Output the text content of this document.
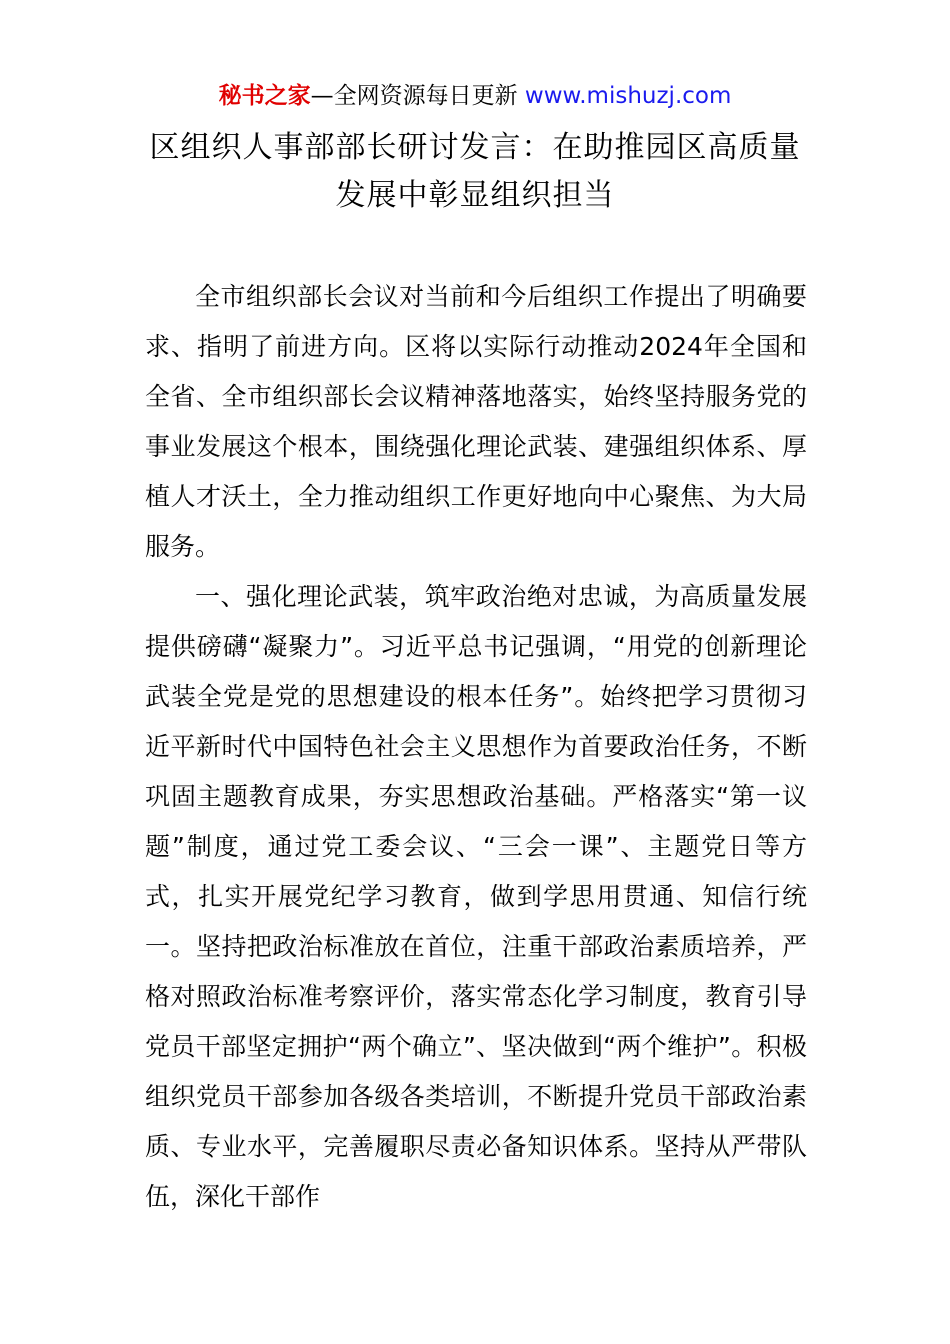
秘书之家—全网资源每日更新 www.mishuzj.com
区组织人事部部长研讨发言：在助推园区高质量发展中彰显组织担当

全市组织部长会议对当前和今后组织工作提出了明确要求、指明了前进方向。区将以实际行动推动2024年全国和全省、全市组织部长会议精神落地落实，始终坚持服务党的事业发展这个根本，围绕强化理论武装、建强组织体系、厚植人才沃土，全力推动组织工作更好地向中心聚焦、为大局服务。

一、强化理论武装，筑牢政治绝对忠诚，为高质量发展提供磅礴“凝聚力”。习近平总书记强调，“用党的创新理论武装全党是党的思想建设的根本任务”。始终把学习贯彻习近平新时代中国特色社会主义思想作为首要政治任务，不断巩固主题教育成果，夯实思想政治基础。严格落实“第一议题”制度，通过党工委会议、“三会一课”、主题党日等方式，扎实开展党纪学习教育，做到学思用贯通、知信行统一。坚持把政治标准放在首位，注重干部政治素质培养，严格对照政治标准考察评价，落实常态化学习制度，教育引导党员干部坚定拥护“两个确立”、坚决做到“两个维护”。积极组织党员干部参加各级各类培训，不断提升党员干部政治素质、专业水平，完善履职尽责必备知识体系。坚持从严带队伍，深化干部作
